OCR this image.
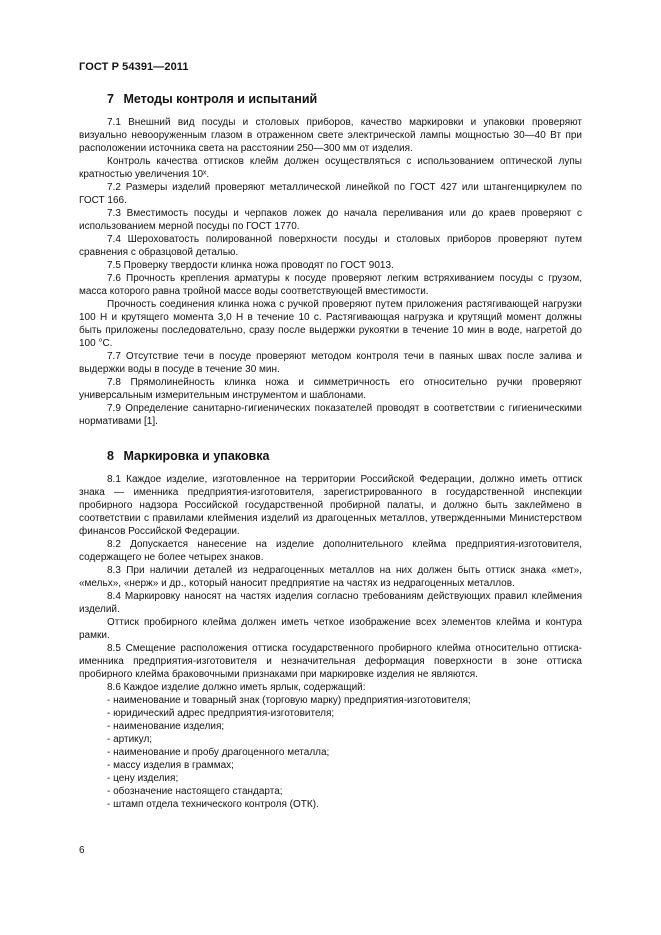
ГОСТ Р 54391—2011
7 Методы контроля и испытаний

7.1 Внешний вид посуды и столовых приборов, качество маркировки и упаковки проверяют визуально невооруженным глазом в отраженном свете электрической лампы мощностью 30—40 Вт при расположении источника света на расстоянии 250—300 мм от изделия.

Контроль качества оттисков клейм должен осуществляться с использованием оптической лупы кратностью увеличения 10ˣ.

7.2 Размеры изделий проверяют металлической линейкой по ГОСТ 427 или штангенциркулем по ГОСТ 166.

7.3 Вместимость посуды и черпаков ложек до начала переливания или до краев проверяют с использованием мерной посуды по ГОСТ 1770.

7.4 Шероховатость полированной поверхности посуды и столовых приборов проверяют путем сравнения с образцовой деталью.

7.5 Проверку твердости клинка ножа проводят по ГОСТ 9013.

7.6 Прочность крепления арматуры к посуде проверяют легким встряхиванием посуды с грузом, масса которого равна тройной массе воды соответствующей вместимости.

Прочность соединения клинка ножа с ручкой проверяют путем приложения растягивающей нагрузки 100 Н и крутящего момента 3,0 Н в течение 10 с. Растягивающая нагрузка и крутящий момент должны быть приложены последовательно, сразу после выдержки рукоятки в течение 10 мин в воде, нагретой до 100 °С.

7.7 Отсутствие течи в посуде проверяют методом контроля течи в паяных швах после залива и выдержки воды в посуде в течение 30 мин.

7.8 Прямолинейность клинка ножа и симметричность его относительно ручки проверяют универсальным измерительным инструментом и шаблонами.

7.9 Определение санитарно-гигиенических показателей проводят в соответствии с гигиеническими нормативами [1].

8 Маркировка и упаковка

8.1 Каждое изделие, изготовленное на территории Российской Федерации, должно иметь оттиск знака — именника предприятия-изготовителя, зарегистрированного в государственной инспекции пробирного надзора Российской государственной пробирной палаты, и должно быть заклеймено в соответствии с правилами клеймения изделий из драгоценных металлов, утвержденными Министерством финансов Российской Федерации.

8.2 Допускается нанесение на изделие дополнительного клейма предприятия-изготовителя, содержащего не более четырех знаков.

8.3 При наличии деталей из недрагоценных металлов на них должен быть оттиск знака «мет», «мельх», «нерж» и др., который наносит предприятие на частях из недрагоценных металлов.

8.4 Маркировку наносят на частях изделия согласно требованиям действующих правил клеймения изделий.

Оттиск пробирного клейма должен иметь четкое изображение всех элементов клейма и контура рамки.

8.5 Смещение расположения оттиска государственного пробирного клейма относительно оттиска-именника предприятия-изготовителя и незначительная деформация поверхности в зоне оттиска пробирного клейма браковочными признаками при маркировке изделия не являются.

8.6 Каждое изделие должно иметь ярлык, содержащий:

- наименование и товарный знак (торговую марку) предприятия-изготовителя;
- юридический адрес предприятия-изготовителя;
- наименование изделия;
- артикул;
- наименование и пробу драгоценного металла;
- массу изделия в граммах;
- цену изделия;
- обозначение настоящего стандарта;
- штамп отдела технического контроля (ОТК).
6
